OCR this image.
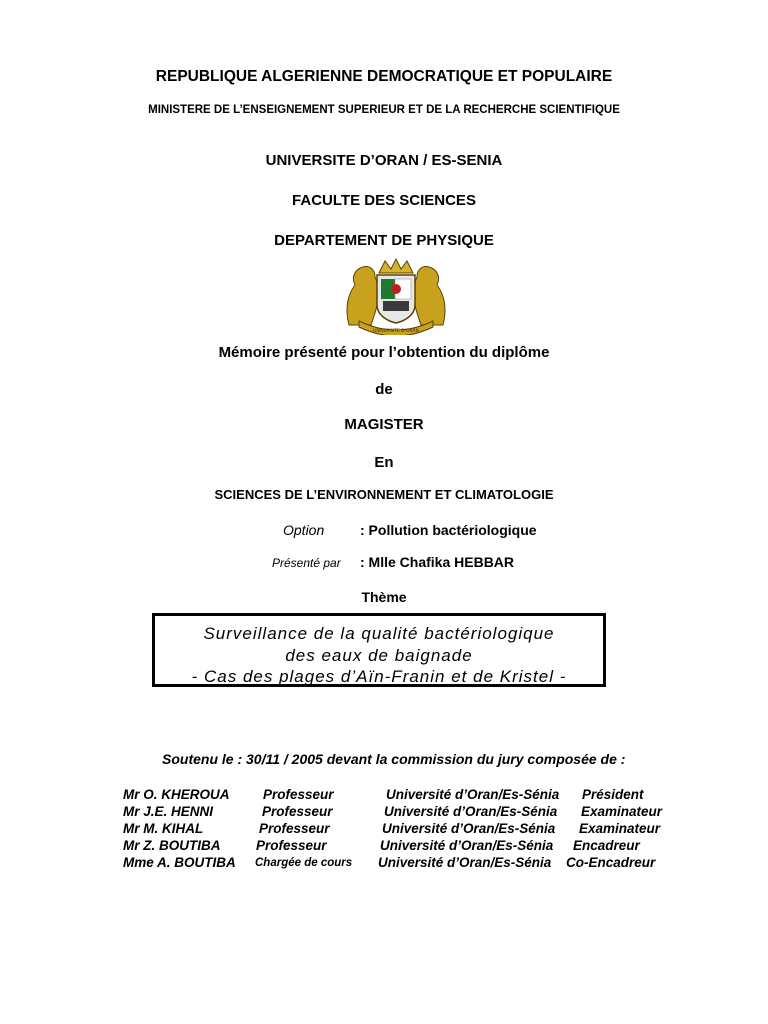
REPUBLIQUE ALGERIENNE DEMOCRATIQUE ET POPULAIRE
MINISTERE DE L’ENSEIGNEMENT SUPERIEUR ET DE LA RECHERCHE SCIENTIFIQUE
UNIVERSITE D’ORAN / ES-SENIA
FACULTE DES SCIENCES
DEPARTEMENT DE PHYSIQUE
UNIVERSITE D'ORAN
Mémoire présenté pour l’obtention du diplôme
de
MAGISTER
En
SCIENCES DE L’ENVIRONNEMENT ET CLIMATOLOGIE
Option	: Pollution bactériologique
Présenté par : Mlle Chafika HEBBAR
Thème
Surveillance de la qualité bactériologique
des eaux de baignade
- Cas des plages d’Aïn-Franin et de Kristel -
Soutenu le : 30/11 / 2005 devant la commission du jury composée de :
Mr O. KHEROUA Professeur	Université d’Oran/Es-Sénia Président
Mr J.E. HENNI	Professeur	Université d’Oran/Es-Sénia Examinateur
Mr M. KIHAL	Professeur	Université d’Oran/Es-Sénia Examinateur
Mr Z. BOUTIBA	Professeur	Université d’Oran/Es-Sénia Encadreur
Mme A. BOUTIBA Chargée de cours Université d’Oran/Es-Sénia Co-Encadreur
